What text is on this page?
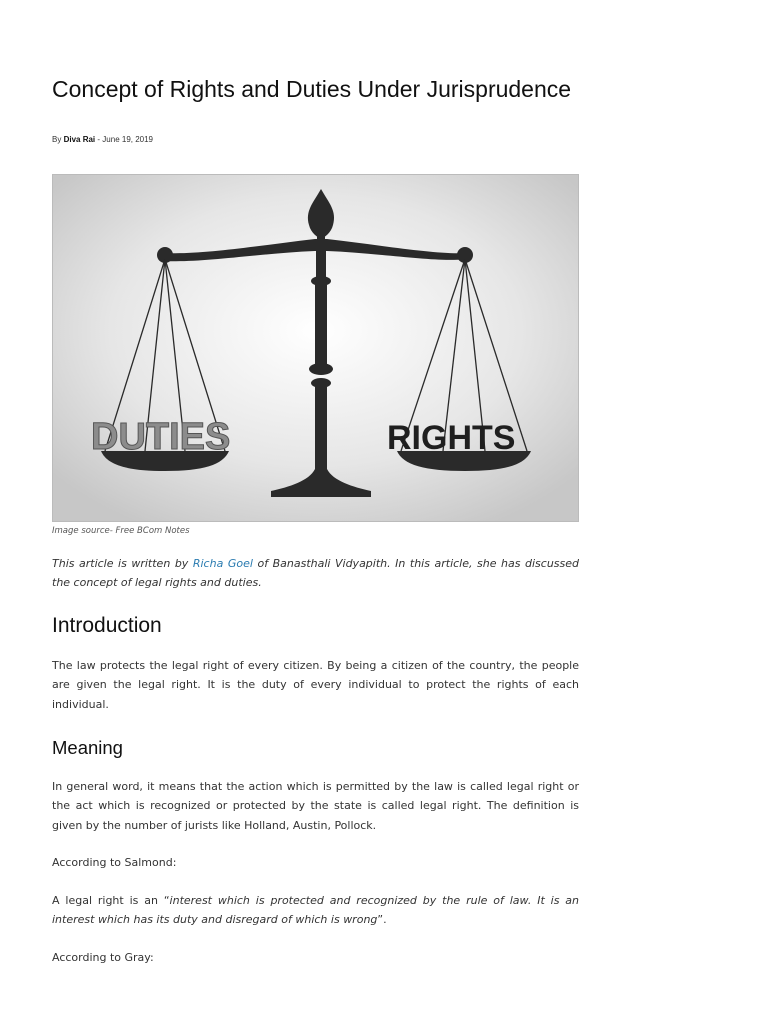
Concept of Rights and Duties Under Jurisprudence
By Diva Rai - June 19, 2019
DUTIES	RIGHTS
Image source- Free BCom Notes

This article is written by Richa Goel of Banasthali Vidyapith. In this article, she has discussed the concept of legal rights and duties.

Introduction

The law protects the legal right of every citizen. By being a citizen of the country, the people are given the legal right. It is the duty of every individual to protect the rights of each individual.

Meaning

In general word, it means that the action which is permitted by the law is called legal right or the act which is recognized or protected by the state is called legal right. The definition is given by the number of jurists like Holland, Austin, Pollock.

According to Salmond:

A legal right is an “interest which is protected and recognized by the rule of law. It is an interest which has its duty and disregard of which is wrong”.

According to Gray:
